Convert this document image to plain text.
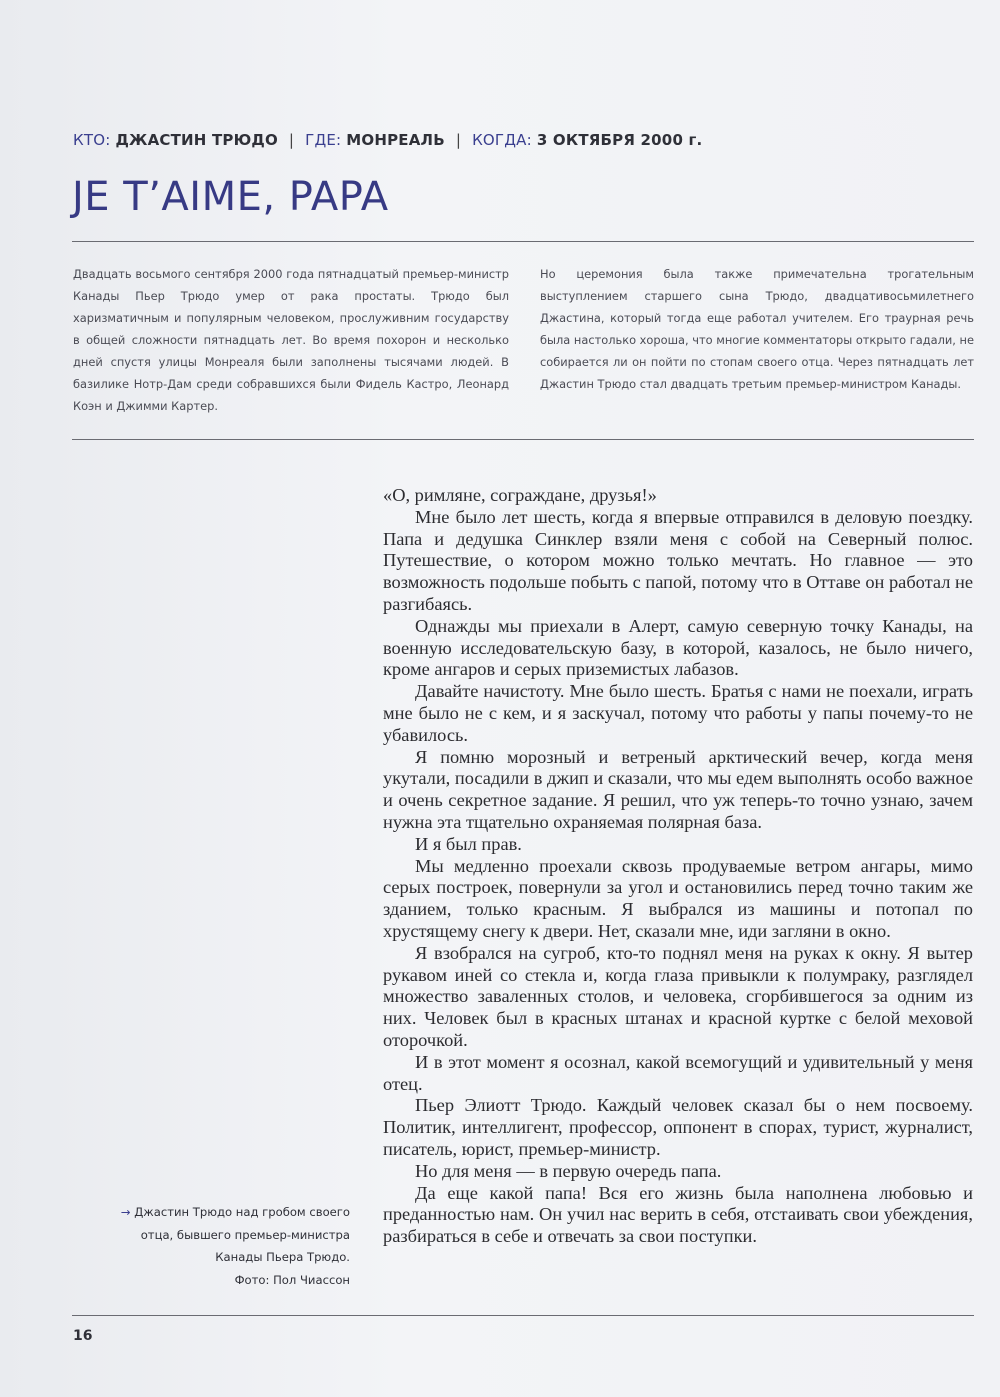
КТО: ДЖАСТИН ТРЮДО | ГДЕ: МОНРЕАЛЬ | КОГДА: 3 ОКТЯБРЯ 2000 г.
JE T’AIME, PAPA

Двадцать восьмого сентября 2000 года пятнадцатый премьер-министр Канады Пьер Трюдо умер от рака простаты. Трюдо был харизматичным и популярным человеком, прослуживним государству в общей сложности пятнадцать лет. Во время похорон и несколько дней спустя улицы Монреаля были заполнены тысячами людей. В базилике Нотр-Дам среди собравшихся были Фидель Кастро, Леонард Коэн и Джимми Картер.

Но церемония была также примечательна трогательным выступлением старшего сына Трюдо, двадцативосьмилетнего Джастина, который тогда еще работал учителем. Его траурная речь была настолько хороша, что многие комментаторы открыто гадали, не собирается ли он пойти по стопам своего отца. Через пятнадцать лет Джастин Трюдо стал двадцать третьим премьер-министром Канады.

→ Джастин Трюдо над гробом своего отца, бывшего премьер-министра Канады Пьера Трюдо.
Фото: Пол Чиассон

«О, римляне, сограждане, друзья!»

Мне было лет шесть, когда я впервые отправился в деловую поездку. Папа и дедушка Синклер взяли меня с собой на Северный полюс. Путешествие, о котором можно только мечтать. Но главное — это возможность подольше побыть с папой, потому что в Оттаве он работал не разгибаясь.

Однажды мы приехали в Алерт, самую северную точку Канады, на военную исследовательскую базу, в которой, казалось, не было ничего, кроме ангаров и серых приземистых лабазов.

Давайте начистоту. Мне было шесть. Братья с нами не поехали, играть мне было не с кем, и я заскучал, потому что работы у папы почему-то не убавилось.

Я помню морозный и ветреный арктический вечер, когда меня укутали, посадили в джип и сказали, что мы едем выполнять особо важное и очень секретное задание. Я решил, что уж теперь-то точно узнаю, зачем нужна эта тщательно охраняемая полярная база.

И я был прав.

Мы медленно проехали сквозь продуваемые ветром ангары, мимо серых построек, повернули за угол и остановились перед точно таким же зданием, только красным. Я выбрался из машины и потопал по хрустящему снегу к двери. Нет, сказали мне, иди загляни в окно.

Я взобрался на сугроб, кто-то поднял меня на руках к окну. Я вытер рукавом иней со стекла и, когда глаза привыкли к полумраку, разглядел множество заваленных столов, и человека, сгорбившегося за одним из них. Человек был в красных штанах и красной куртке с белой меховой оторочкой.

И в этот момент я осознал, какой всемогущий и удивительный у меня отец.

Пьер Элиотт Трюдо. Каждый человек сказал бы о нем посвоему. Политик, интеллигент, профессор, оппонент в спорах, турист, журналист, писатель, юрист, премьер-министр.

Но для меня — в первую очередь папа.

Да еще какой папа! Вся его жизнь была наполнена любовью и преданностью нам. Он учил нас верить в себя, отстаивать свои убеждения, разбираться в себе и отвечать за свои поступки.

16
